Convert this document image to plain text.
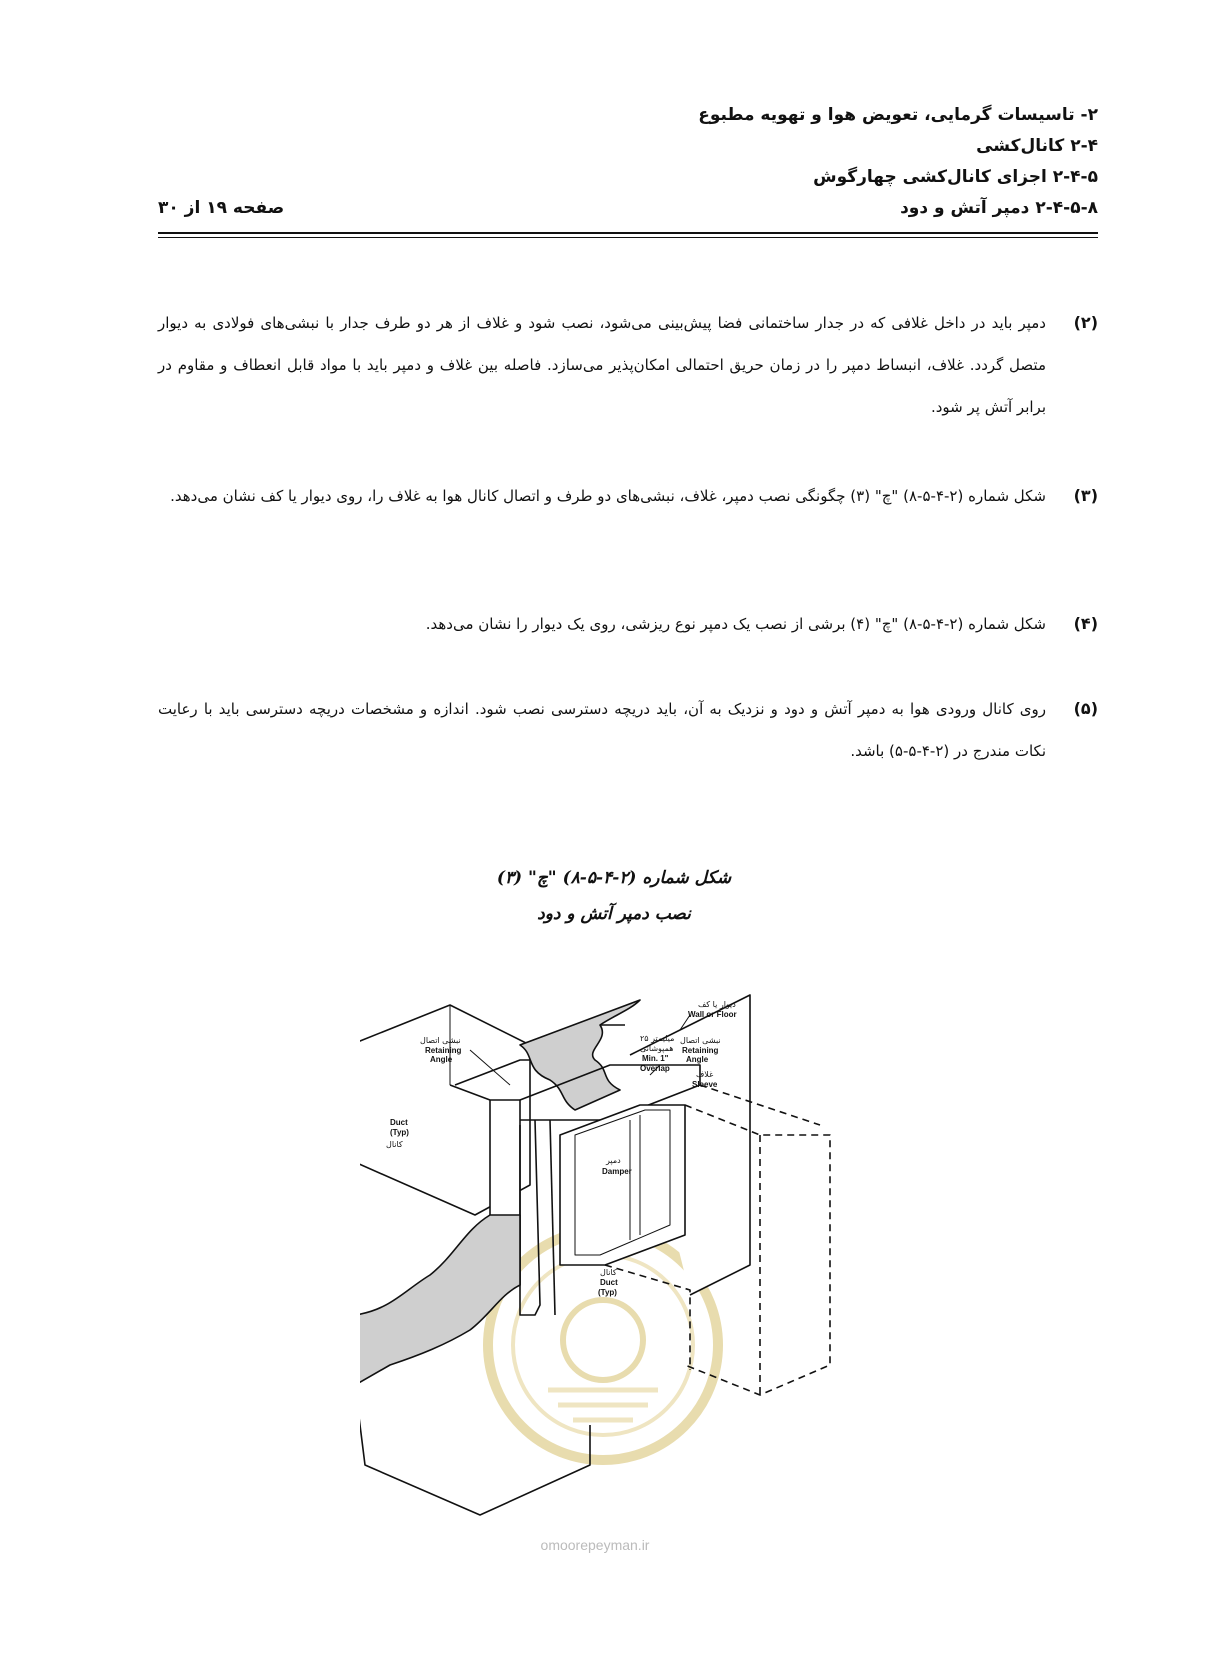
۲- تاسیسات گرمایی، تعویض هوا و تهویه مطبوع
۲-۴ کانال‌کشی
۲-۴-۵ اجزای کانال‌کشی چهارگوش
۲-۴-۵-۸ دمپر آتش و دود
صفحه ۱۹ از ۳۰
(۲)
دمپر باید در داخل غلافی که در جدار ساختمانی فضا پیش‌بینی می‌شود، نصب شود و غلاف از هر دو طرف جدار با نبشی‌های فولادی به دیوار متصل گردد. غلاف، انبساط دمپر را در زمان حریق احتمالی امکان‌پذیر می‌سازد. فاصله بین غلاف و دمپر باید با مواد قابل انعطاف و مقاوم در برابر آتش پر شود.
(۳)
شکل شماره (۲-۴-۵-۸) "چ" (۳) چگونگی نصب دمپر، غلاف، نبشی‌های دو طرف و اتصال کانال هوا به غلاف را، روی دیوار یا کف نشان می‌دهد.
(۴)
شکل شماره (۲-۴-۵-۸) "چ" (۴) برشی از نصب یک دمپر نوع ریزشی، روی یک دیوار را نشان می‌دهد.
(۵)
روی کانال ورودی هوا به دمپر آتش و دود و نزدیک به آن، باید دریچه دسترسی نصب شود. اندازه و مشخصات دریچه دسترسی باید با رعایت نکات مندرج در (۲-۴-۵-۵) باشد.
شکل شماره (۲-۴-۵-۸) "چ" (۳)
نصب دمپر آتش و دود
دیوار یا کف
Wall or Floor
نبشی اتصال
Retaining
Angle
۲۵ میلیمتر
همپوشانی
Min. 1"
Overlap
نبشی اتصال
Retaining
Angle
غلاف
Sleeve
Duct
(Typ)
کانال
دمپر
Damper
کانال
Duct
(Typ)
omoorepeyman.ir
